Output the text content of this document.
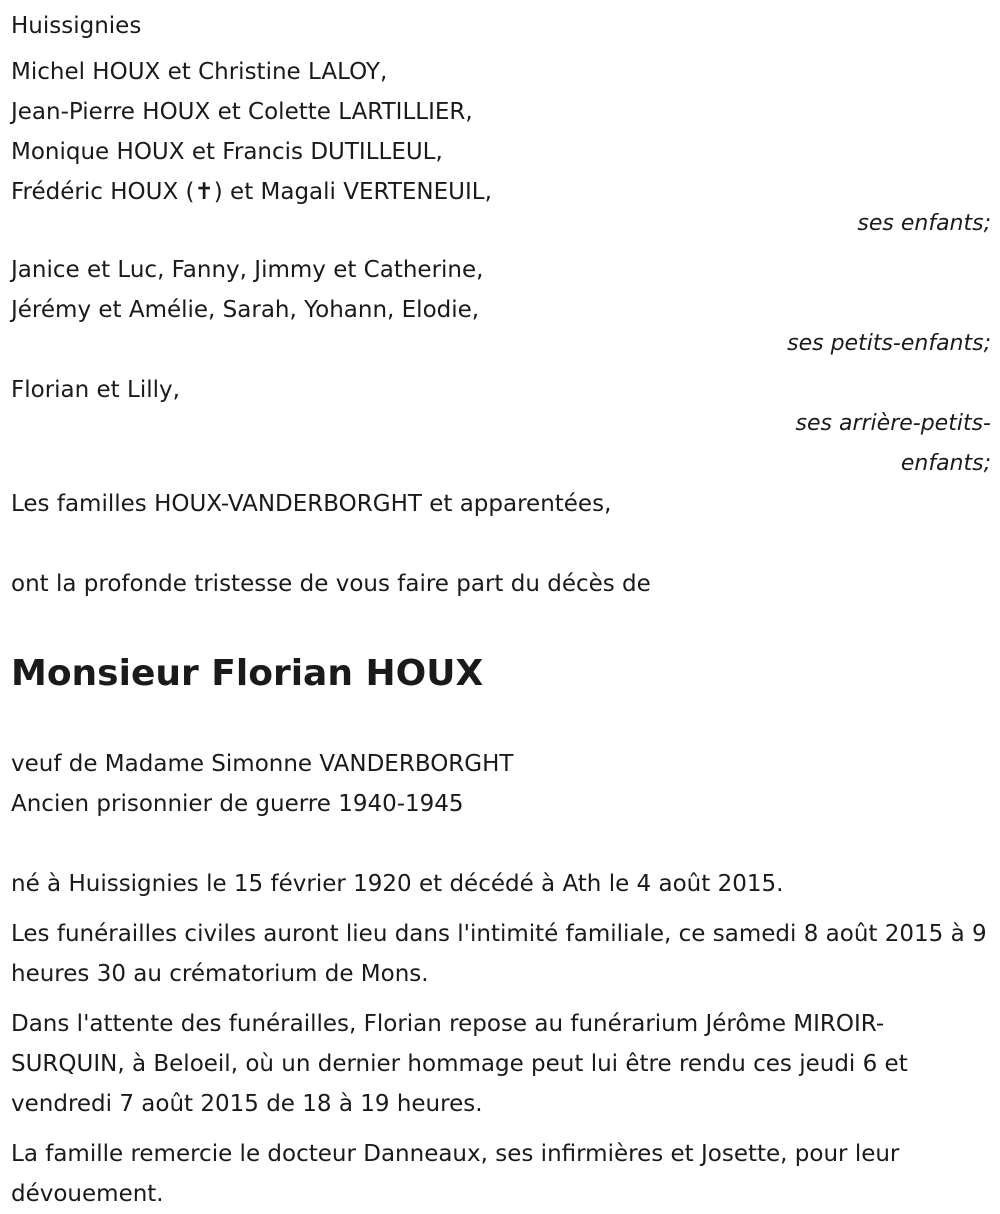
Huissignies
Michel HOUX et Christine LALOY,
Jean-Pierre HOUX et Colette LARTILLIER,
Monique HOUX et Francis DUTILLEUL,
Frédéric HOUX (✝) et Magali VERTENEUIL,
ses enfants;
Janice et Luc, Fanny, Jimmy et Catherine,
Jérémy et Amélie, Sarah, Yohann, Elodie,
ses petits-enfants;
Florian et Lilly,
ses arrière-petits-
enfants;
Les familles HOUX-VANDERBORGHT et apparentées,
ont la profonde tristesse de vous faire part du décès de
Monsieur Florian HOUX
veuf de Madame Simonne VANDERBORGHT
Ancien prisonnier de guerre 1940-1945
né à Huissignies le 15 février 1920 et décédé à Ath le 4 août 2015.
Les funérailles civiles auront lieu dans l'intimité familiale, ce samedi 8 août 2015 à 9 heures 30 au crématorium de Mons.
Dans l'attente des funérailles, Florian repose au funérarium Jérôme MIROIR-SURQUIN, à Beloeil, où un dernier hommage peut lui être rendu ces jeudi 6 et vendredi 7 août 2015 de 18 à 19 heures.
La famille remercie le docteur Danneaux, ses infirmières et Josette, pour leur dévouement.
